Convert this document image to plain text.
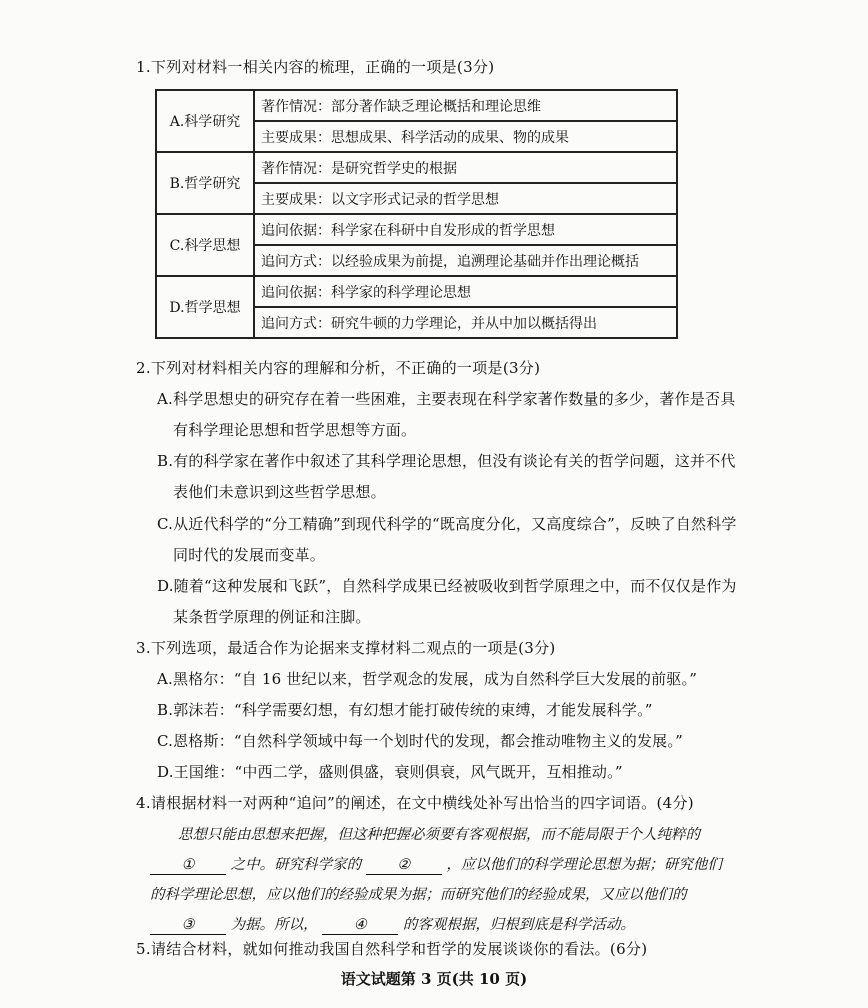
1.下列对材料一相关内容的梳理，正确的一项是(3分)
A.科学研究	著作情况：部分著作缺乏理论概括和理论思维
	主要成果：思想成果、科学活动的成果、物的成果
B.哲学研究	著作情况：是研究哲学史的根据
	主要成果：以文字形式记录的哲学思想
C.科学思想	追问依据：科学家在科研中自发形成的哲学思想
	追问方式：以经验成果为前提，追溯理论基础并作出理论概括
D.哲学思想	追问依据：科学家的科学理论思想
	追问方式：研究牛顿的力学理论，并从中加以概括得出
2.下列对材料相关内容的理解和分析，不正确的一项是(3分)
A.科学思想史的研究存在着一些困难，主要表现在科学家著作数量的多少，著作是否具
有科学理论思想和哲学思想等方面。
B.有的科学家在著作中叙述了其科学理论思想，但没有谈论有关的哲学问题，这并不代
表他们未意识到这些哲学思想。
C.从近代科学的“分工精确”到现代科学的“既高度分化，又高度综合”，反映了自然科学
同时代的发展而变革。
D.随着“这种发展和飞跃”，自然科学成果已经被吸收到哲学原理之中，而不仅仅是作为
某条哲学原理的例证和注脚。
3.下列选项，最适合作为论据来支撑材料二观点的一项是(3分)
A.黑格尔：“自 16 世纪以来，哲学观念的发展，成为自然科学巨大发展的前驱。”
B.郭沫若：“科学需要幻想，有幻想才能打破传统的束缚，才能发展科学。”
C.恩格斯：“自然科学领域中每一个划时代的发现，都会推动唯物主义的发展。”
D.王国维：“中西二学，盛则俱盛，衰则俱衰，风气既开，互相推动。”
4.请根据材料一对两种“追问”的阐述，在文中横线处补写出恰当的四字词语。(4分)
思想只能由思想来把握，但这种把握必须要有客观根据，而不能局限于个人纯粹的
① 之中。研究科学家的 ② ，应以他们的科学理论思想为据；研究他们
的科学理论思想，应以他们的经验成果为据；而研究他们的经验成果，又应以他们的
③ 为据。所以， ④ 的客观根据，归根到底是科学活动。
5.请结合材料，就如何推动我国自然科学和哲学的发展谈谈你的看法。(6分)
语文试题第 3 页(共 10 页)
